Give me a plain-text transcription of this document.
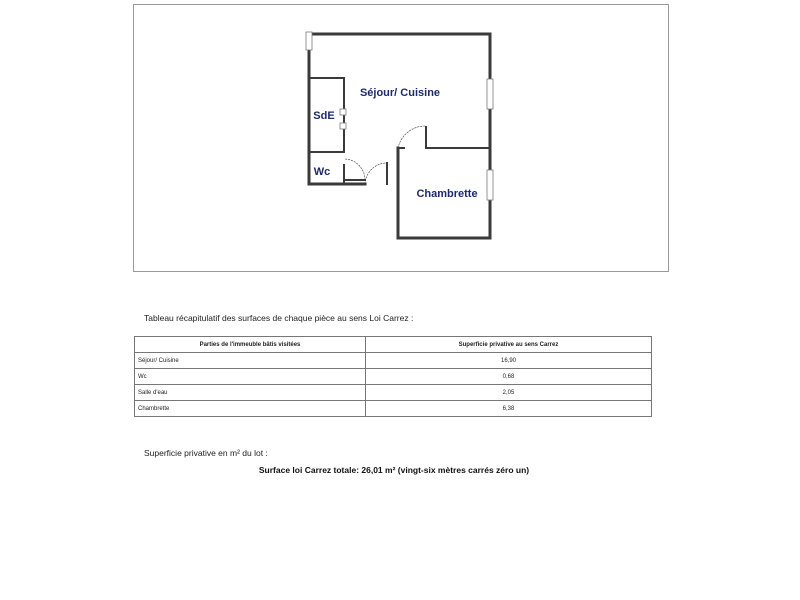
Séjour/ Cuisine
SdE
Wc
Chambrette
Tableau récapitulatif des surfaces de chaque pièce au sens Loi Carrez :
Parties de l'immeuble bâtis visitées	Superficie privative au sens Carrez
Séjour/ Cuisine	16,90
Wc	0,68
Salle d'eau	2,05
Chambrette	6,38
Superficie privative en m² du lot :
Surface loi Carrez totale: 26,01 m² (vingt-six mètres carrés zéro un)
